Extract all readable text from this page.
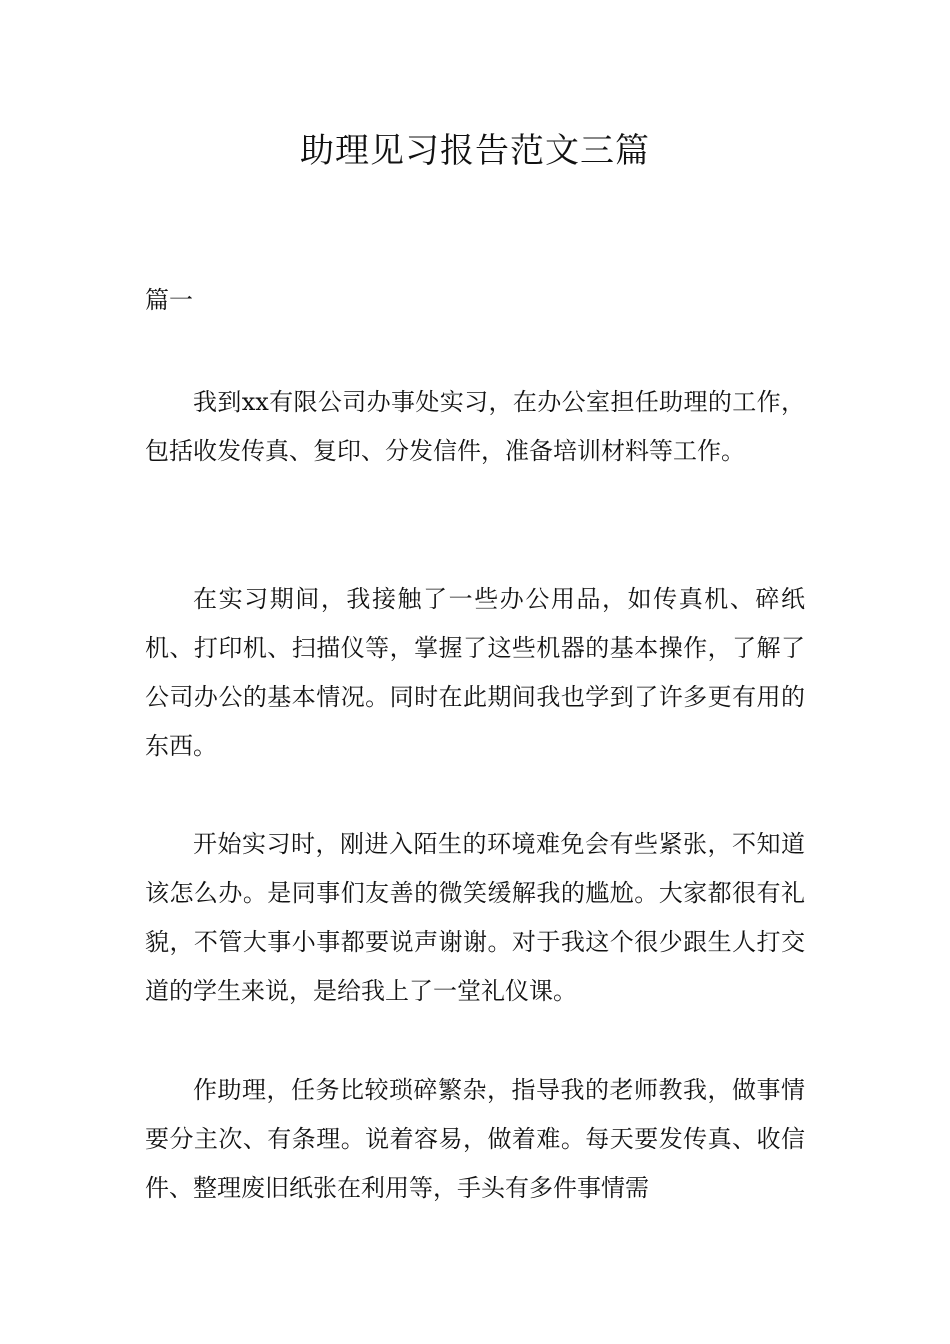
助理见习报告范文三篇
篇一

我到xx有限公司办事处实习，在办公室担任助理的工作，包括收发传真、复印、分发信件，准备培训材料等工作。

在实习期间，我接触了一些办公用品，如传真机、碎纸机、打印机、扫描仪等，掌握了这些机器的基本操作，了解了公司办公的基本情况。同时在此期间我也学到了许多更有用的东西。

开始实习时，刚进入陌生的环境难免会有些紧张，不知道该怎么办。是同事们友善的微笑缓解我的尴尬。大家都很有礼貌，不管大事小事都要说声谢谢。对于我这个很少跟生人打交道的学生来说，是给我上了一堂礼仪课。

作助理，任务比较琐碎繁杂，指导我的老师教我，做事情要分主次、有条理。说着容易，做着难。每天要发传真、收信件、整理废旧纸张在利用等，手头有多件事情需
